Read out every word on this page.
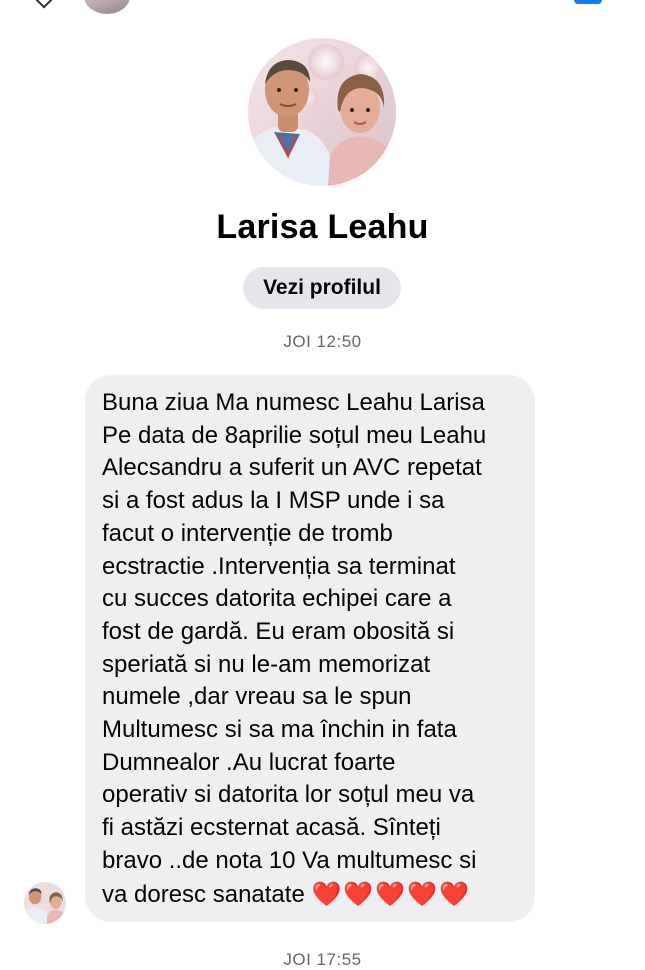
Larisa Leahu
Vezi profilul
JOI 12:50
Buna ziua Ma numesc Leahu Larisa
Pe data de 8aprilie soțul meu Leahu
Alecsandru a suferit un AVC repetat
si a fost adus la I MSP unde i sa
facut o intervenție de tromb
ecstractie .Intervenția sa terminat
cu succes datorita echipei care a
fost de gardă. Eu eram obosită si
speriată si nu le-am memorizat
numele ,dar vreau sa le spun
Multumesc si sa ma închin in fata
Dumnealor .Au lucrat foarte
operativ si datorita lor soțul meu va
fi astăzi ecsternat acasă. Sînteți
bravo ..de nota 10 Va multumesc si
va doresc sanatate ❤️❤️❤️❤️❤️
JOI 17:55
